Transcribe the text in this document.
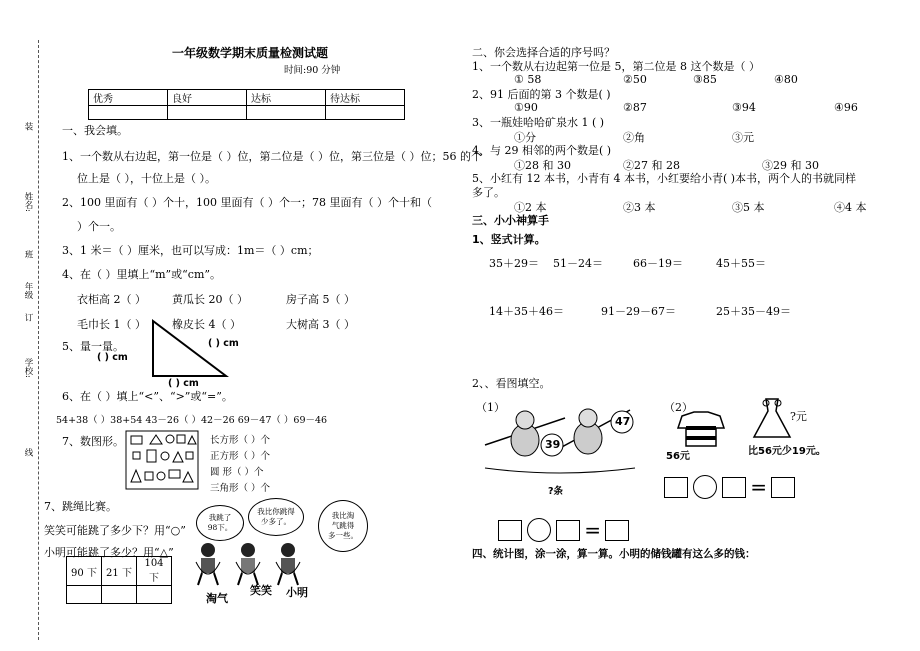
装
姓名:
班
年级
订
学校:
线
一年级数学期末质量检测试题
时间:90 分钟
优秀	良好	达标	待达标

一、我会填。
1、一个数从右边起，第一位是（ ）位，第二位是（ ）位，第三位是（ ）位；56 的个
位上是（ ），十位上是（ ）。
2、100 里面有（ ）个十，100 里面有（ ）个一；78 里面有（ ）个十和（
）个一。
3、1 米＝（ ）厘米，也可以写成：1m＝（ ）cm；
4、在（ ）里填上“m”或“cm”。
衣柜高 2（ ） 黄瓜长 20（ ）	房子高 5（ ）
毛巾长 1（ ） 橡皮长 4（ ）	大树高 3（ ）
5、量一量。
( ) cm
( ) cm
( ) cm
6、在（ ）填上“<”、“>”或“=”。
54+38（ ）38+54 43－26（ ）42－26 69－47（ ）69－46
7、数图形。	长方形（ ）个
正方形（ ）个
圆 形（ ）个
三角形（ ）个
7、跳绳比赛。
笑笑可能跳了多少下？用“○”
小明可能跳了多少？用“△”
90 下	21 下	104 下

我跳了
98下。
我比你跳得
少多了。
我比淘
气跳得
多一些。
淘气
笑笑 小明
二、你会选择合适的序号吗？
1、一个数从右边起第一位是 5，第二位是 8 这个数是（ ）
① 58	②50	③85	④80
2、91 后面的第 3 个数是( )
①90	②87	③94	④96
3、一瓶娃哈哈矿泉水 1 ( )
①分	②角	③元
4、与 29 相邻的两个数是( )
①28 和 30	②27 和 28	③29 和 30
5、小红有 12 本书，小青有 4 本书，小红要给小青( )本书，两个人的书就同样
多了。
①2 本	②3 本	③5 本	④4 本
三、小小神算手
1、竖式计算。
35＋29＝ 51－24＝	66－19＝	45＋55＝
14＋35＋46＝	91－29－67＝	25＋35－49＝
2、、看图填空。
（1）	（2）
39
47
?条
56元
?元
比56元少19元。
=
=
四、统计图，涂一涂，算一算。小明的储钱罐有这么多的钱：
